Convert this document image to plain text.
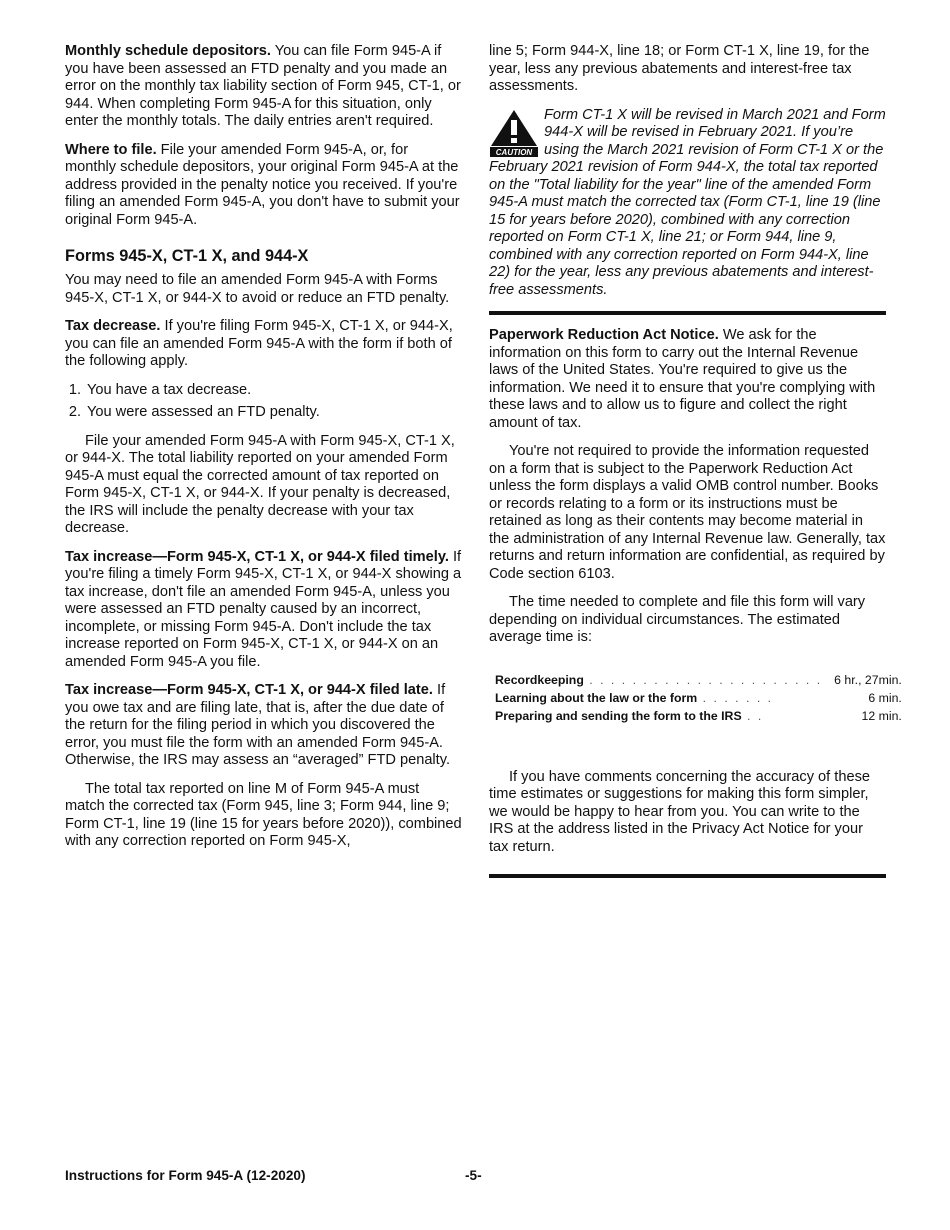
Monthly schedule depositors. You can file Form 945-A if you have been assessed an FTD penalty and you made an error on the monthly tax liability section of Form 945, CT-1, or 944. When completing Form 945-A for this situation, only enter the monthly totals. The daily entries aren't required.

Where to file. File your amended Form 945-A, or, for monthly schedule depositors, your original Form 945-A at the address provided in the penalty notice you received. If you're filing an amended Form 945-A, you don't have to submit your original Form 945-A.

Forms 945-X, CT-1 X, and 944-X

You may need to file an amended Form 945-A with Forms 945-X, CT-1 X, or 944-X to avoid or reduce an FTD penalty.

Tax decrease. If you're filing Form 945-X, CT-1 X, or 944-X, you can file an amended Form 945-A with the form if both of the following apply.

1. You have a tax decrease.
2. You were assessed an FTD penalty.

File your amended Form 945-A with Form 945-X, CT-1 X, or 944-X. The total liability reported on your amended Form 945-A must equal the corrected amount of tax reported on Form 945-X, CT-1 X, or 944-X. If your penalty is decreased, the IRS will include the penalty decrease with your tax decrease.

Tax increase—Form 945-X, CT-1 X, or 944-X filed timely. If you're filing a timely Form 945-X, CT-1 X, or 944-X showing a tax increase, don't file an amended Form 945-A, unless you were assessed an FTD penalty caused by an incorrect, incomplete, or missing Form 945-A. Don't include the tax increase reported on Form 945-X, CT-1 X, or 944-X on an amended Form 945-A you file.

Tax increase—Form 945-X, CT-1 X, or 944-X filed late. If you owe tax and are filing late, that is, after the due date of the return for the filing period in which you discovered the error, you must file the form with an amended Form 945-A. Otherwise, the IRS may assess an “averaged” FTD penalty.

The total tax reported on line M of Form 945-A must match the corrected tax (Form 945, line 3; Form 944, line 9; Form CT-1, line 19 (line 15 for years before 2020)), combined with any correction reported on Form 945-X,

line 5; Form 944-X, line 18; or Form CT-1 X, line 19, for the year, less any previous abatements and interest-free tax assessments.

CAUTION
Form CT-1 X will be revised in March 2021 and Form 944-X will be revised in February 2021. If you’re using the March 2021 revision of Form CT-1 X or the February 2021 revision of Form 944-X, the total tax reported on the "Total liability for the year" line of the amended Form 945-A must match the corrected tax (Form CT-1, line 19 (line 15 for years before 2020), combined with any correction reported on Form CT-1 X, line 21; or Form 944, line 9, combined with any correction reported on Form 944-X, line 22) for the year, less any previous abatements and interest-free assessments.

Paperwork Reduction Act Notice. We ask for the information on this form to carry out the Internal Revenue laws of the United States. You're required to give us the information. We need it to ensure that you're complying with these laws and to allow us to figure and collect the right amount of tax.

You're not required to provide the information requested on a form that is subject to the Paperwork Reduction Act unless the form displays a valid OMB control number. Books or records relating to a form or its instructions must be retained as long as their contents may become material in the administration of any Internal Revenue law. Generally, tax returns and return information are confidential, as required by Code section 6103.

The time needed to complete and file this form will vary depending on individual circumstances. The estimated average time is:

Recordkeeping . . . . . . . . . . . . . . . . . . . . . .	6 hr., 27min.
Learning about the law or the form . . . . . . .	6 min.
Preparing and sending the form to the IRS . .	12 min.

If you have comments concerning the accuracy of these time estimates or suggestions for making this form simpler, we would be happy to hear from you. You can write to the IRS at the address listed in the Privacy Act Notice for your tax return.

Instructions for Form 945-A (12-2020)	-5-
